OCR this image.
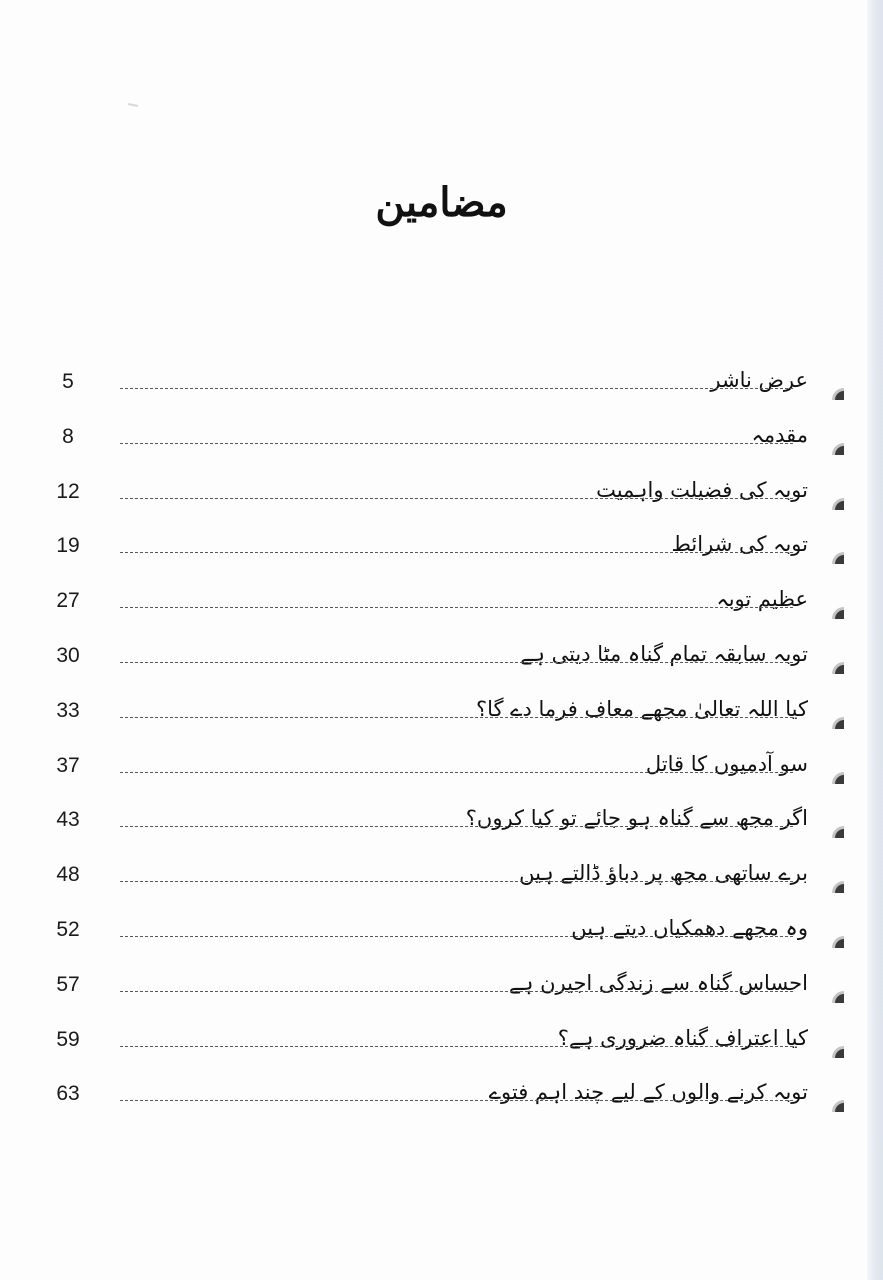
مضامین
عرض ناشر
5
مقدمہ
8
توبہ کی فضیلت واہمیت
12
توبہ کی شرائط
19
عظیم توبہ
27
توبہ سابقہ تمام گناہ مٹا دیتی ہے
30
کیا اللہ تعالیٰ مجھے معاف فرما دے گا؟
33
سو آدمیوں کا قاتل
37
اگر مجھ سے گناہ ہو جائے تو کیا کروں؟
43
برے ساتھی مجھ پر دباؤ ڈالتے ہیں
48
وہ مجھے دھمکیاں دیتے ہیں
52
احساس گناہ سے زندگی اجیرن ہے
57
کیا اعتراف گناہ ضروری ہے؟
59
توبہ کرنے والوں کے لیے چند اہم فتوے
63
